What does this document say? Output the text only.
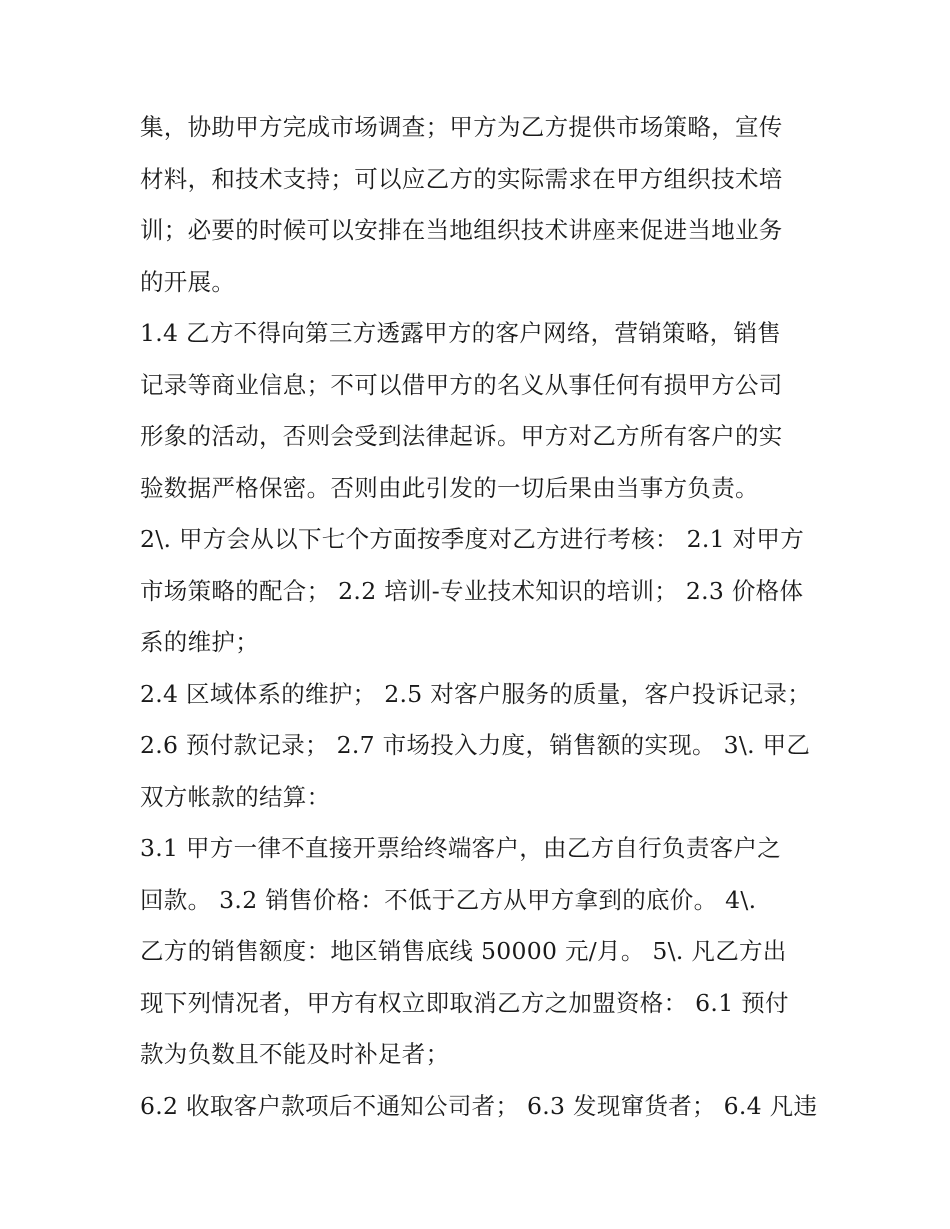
集，协助甲方完成市场调查；甲方为乙方提供市场策略，宣传
材料，和技术支持；可以应乙方的实际需求在甲方组织技术培
训；必要的时候可以安排在当地组织技术讲座来促进当地业务
的开展。
1.4 乙方不得向第三方透露甲方的客户网络，营销策略，销售
记录等商业信息；不可以借甲方的名义从事任何有损甲方公司
形象的活动，否则会受到法律起诉。甲方对乙方所有客户的实
验数据严格保密。否则由此引发的一切后果由当事方负责。
2\. 甲方会从以下七个方面按季度对乙方进行考核： 2.1 对甲方
市场策略的配合； 2.2 培训-专业技术知识的培训； 2.3 价格体
系的维护；
2.4 区域体系的维护； 2.5 对客户服务的质量，客户投诉记录；
2.6 预付款记录； 2.7 市场投入力度，销售额的实现。 3\. 甲乙
双方帐款的结算：
3.1 甲方一律不直接开票给终端客户，由乙方自行负责客户之
回款。 3.2 销售价格：不低于乙方从甲方拿到的底价。 4\.
乙方的销售额度：地区销售底线 50000 元/月。 5\. 凡乙方出
现下列情况者，甲方有权立即取消乙方之加盟资格： 6.1 预付
款为负数且不能及时补足者；
6.2 收取客户款项后不通知公司者； 6.3 发现窜货者； 6.4 凡违
